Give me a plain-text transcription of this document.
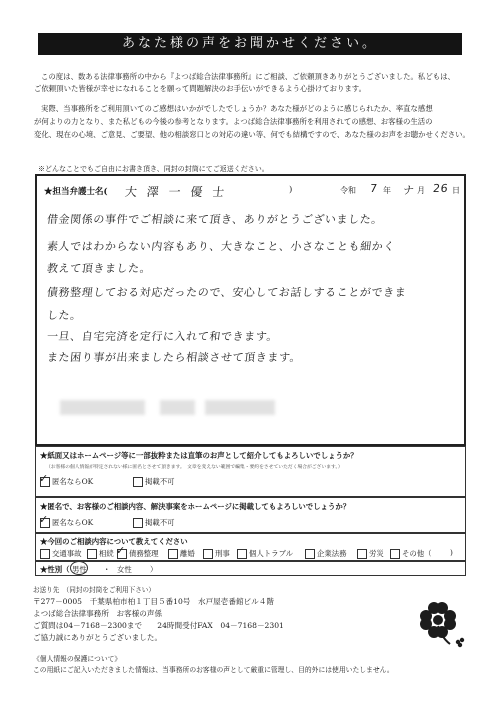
あなた様の声をお聞かせください。
この度は、数ある法律事務所の中から『よつば総合法律事務所』にご相談、ご依頼頂きありがとうございました。私どもは、
ご依頼頂いた皆様が幸せになれることを願って問題解決のお手伝いができるよう心掛けております。
実際、当事務所をご利用頂いてのご感想はいかがでしたでしょうか？あなた様がどのように感じられたか、率直な感想
が何よりの力となり、また私どもの今後の参考となります。よつば総合法律事務所を利用されての感想、お客様の生活の
変化、現在の心境、ご意見、ご要望、他の相談窓口との対応の違い等、何でも結構ですので、あなた様のお声をお聴かせください。
※どんなことでもご自由にお書き頂き、同封の封筒にてご返送ください。
★担当弁護士名( 大 澤 一 優 士	)	令和 7 年 ナ 月 26 日
借金関係の事件でご相談に来て頂き、ありがとうございました。
素人ではわからない内容もあり、大きなこと、小さなことも細かく
教えて頂きました。
債務整理しておる対応だったので、安心してお話しすることができま
した。
一旦、自宅完済を定行に入れて和できます。
また困り事が出来ましたら相談させて頂きます。
★紙面又はホームページ等に一部抜粋または直筆のお声として紹介してもよろしいでしょうか？
（お客様の個人情報が特定されない様に匿名とさせて頂きます。　文章を変えない範囲で編集・要約をさせていただく場合がございます。）
✓ 匿名ならOK	掲載不可
★匿名で、お客様のご相談内容、解決事案をホームページに掲載してもよろしいでしょうか？
✓ 匿名ならOK	掲載不可
★今回のご相談内容について教えてください
交通事故	相続 ✓ 債務整理	離婚	刑事	個人トラブル	企業法務	労災	その他（ )
★性別（ 男性 ・ 女性 ）
お送り先　（同封の封筒をご利用下さい）
〒277－0005　千葉県柏市柏１丁目５番10号　水戸屋壱番館ビル４階
よつば総合法律事務所　お客様の声係
ご質問は04－7168－2300まで　　24時間受付FAX　04－7168－2301
ご協力誠にありがとうございました。
《個人情報の保護について》
この用紙にご記入いただきました情報は、当事務所のお客様の声として厳重に管理し、目的外には使用いたしません。
